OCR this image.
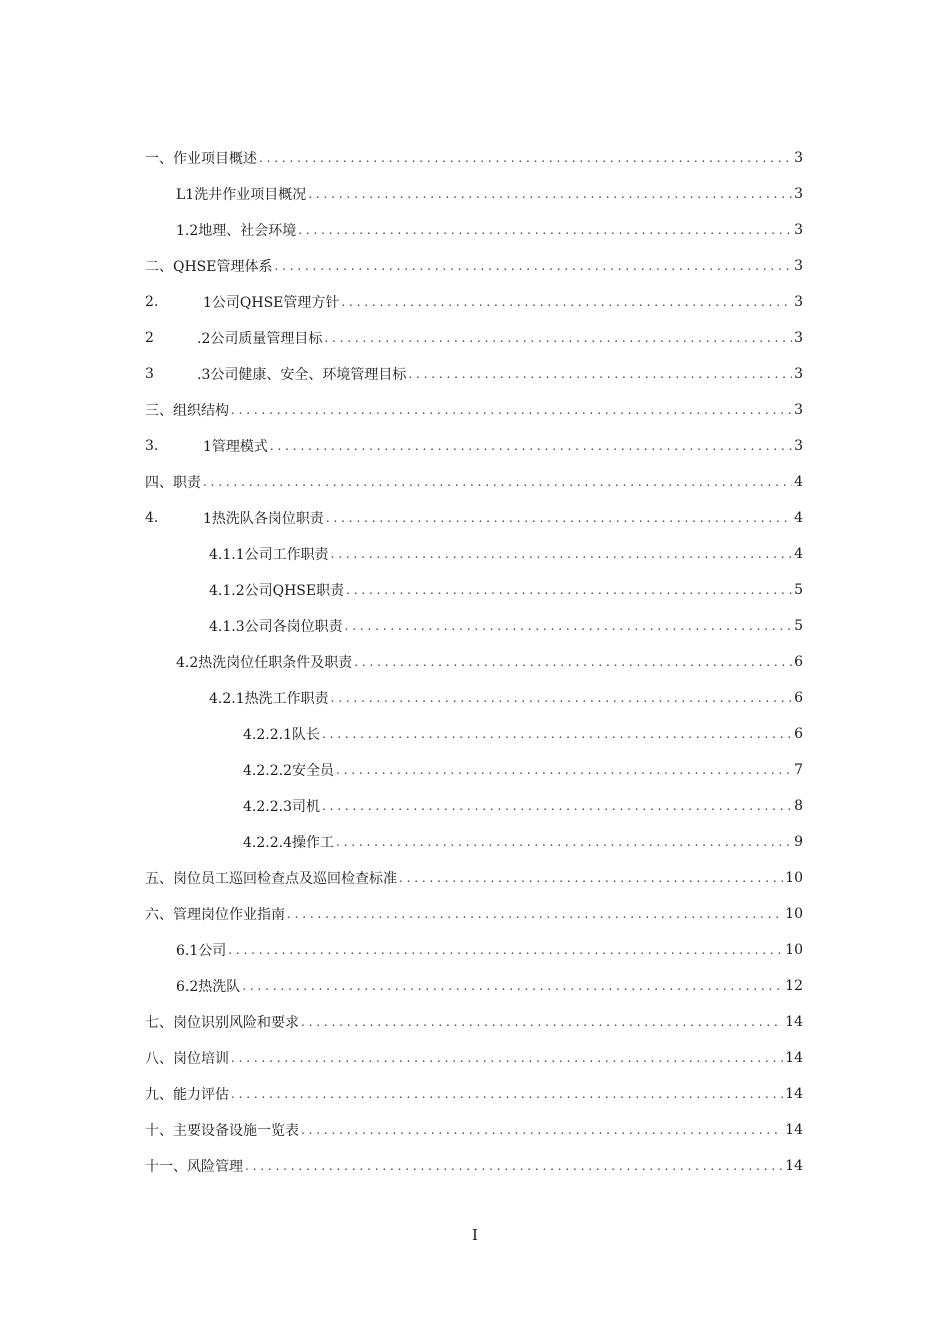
一、作业项目概述 . . .	3
L1洗井作业项目概况 . . .	3
1.2地理、社会环境 . . .	3
二、QHSE管理体系 . . .	3
2.	1公司QHSE管理方针 . . .	3
2	.2公司质量管理目标 . . .	3
3	.3公司健康、安全、环境管理目标 . . .	3
三、组织结构 . . .	3
3.	1管理模式 . . .	3
四、职责 . . .	4
4.	1热洗队各岗位职责 . . .	4
4.1.1公司工作职责 . . .	4
4.1.2公司QHSE职责 . . .	5
4.1.3公司各岗位职责 . . .	5
4.2热洗岗位任职条件及职责 . . .	6
4.2.1热洗工作职责 . . .	6
4.2.2.1队长 . . .	6
4.2.2.2安全员 . . .	7
4.2.2.3司机 . . .	8
4.2.2.4操作工 . . .	9
五、岗位员工巡回检查点及巡回检查标准 . . .	10
六、管理岗位作业指南 . . .	10
6.1公司 . . .	10
6.2热洗队 . . .	12
七、岗位识别风险和要求 . . .	14
八、岗位培训 . . .	14
九、能力评估 . . .	14
十、主要设备设施一览表 . . .	14
十一、风险管理 . . .	14
I
